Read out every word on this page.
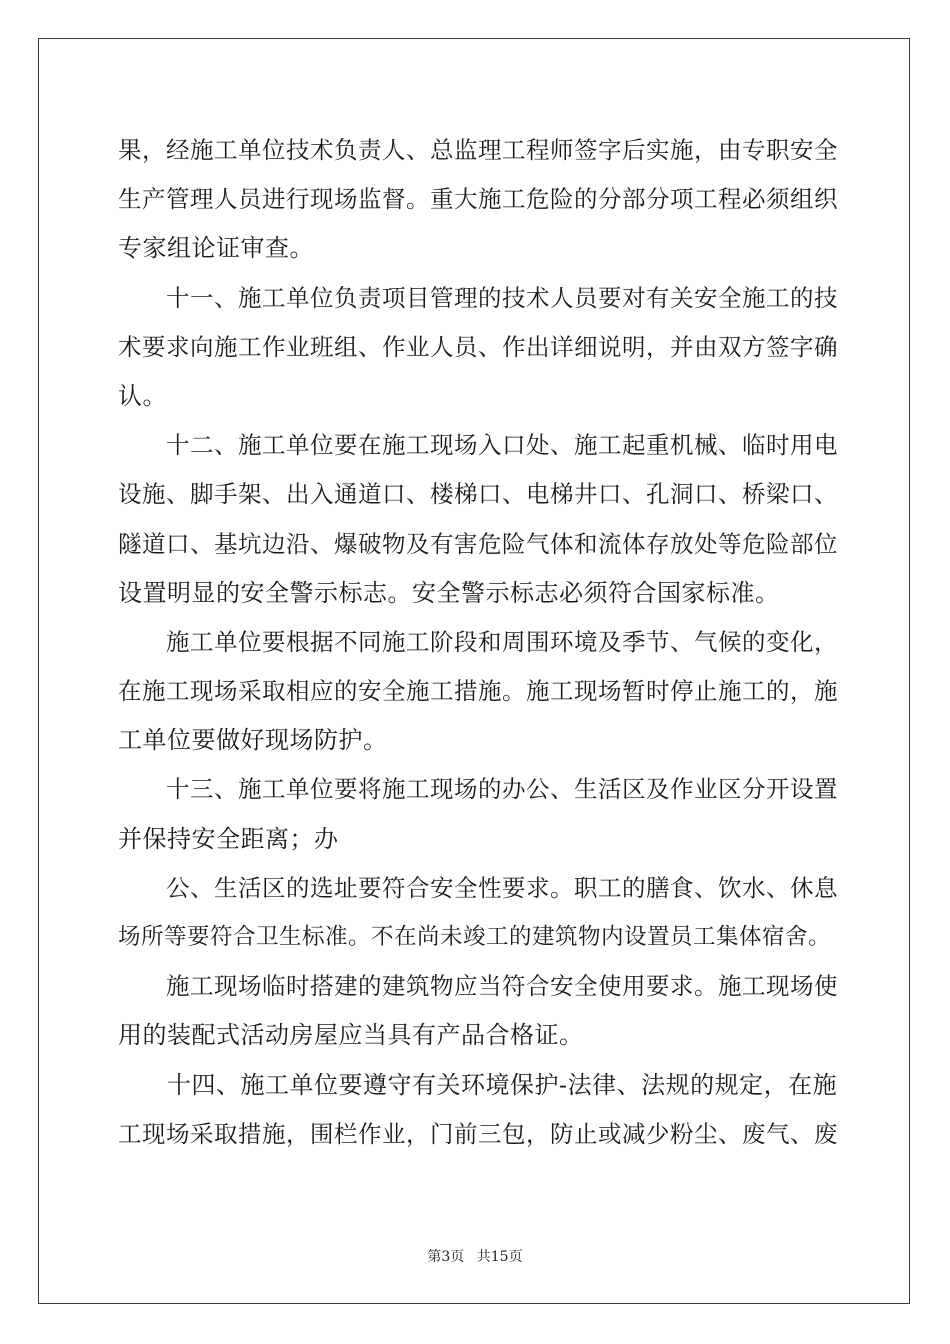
果，经施工单位技术负责人、总监理工程师签字后实施，由专职安全
生产管理人员进行现场监督。重大施工危险的分部分项工程必须组织
专家组论证审查。
　　十一、施工单位负责项目管理的技术人员要对有关安全施工的技
术要求向施工作业班组、作业人员、作出详细说明，并由双方签字确
认。
　　十二、施工单位要在施工现场入口处、施工起重机械、临时用电
设施、脚手架、出入通道口、楼梯口、电梯井口、孔洞口、桥梁口、
隧道口、基坑边沿、爆破物及有害危险气体和流体存放处等危险部位
设置明显的安全警示标志。安全警示标志必须符合国家标准。
　　施工单位要根据不同施工阶段和周围环境及季节、气候的变化，
在施工现场采取相应的安全施工措施。施工现场暂时停止施工的，施
工单位要做好现场防护。
　　十三、施工单位要将施工现场的办公、生活区及作业区分开设置
并保持安全距离；办
　　公、生活区的选址要符合安全性要求。职工的膳食、饮水、休息
场所等要符合卫生标准。不在尚未竣工的建筑物内设置员工集体宿舍。
　　施工现场临时搭建的建筑物应当符合安全使用要求。施工现场使
用的装配式活动房屋应当具有产品合格证。
　　十四、施工单位要遵守有关环境保护-法律、法规的规定，在施
工现场采取措施，围栏作业，门前三包，防止或减少粉尘、废气、废
第3页 共15页
